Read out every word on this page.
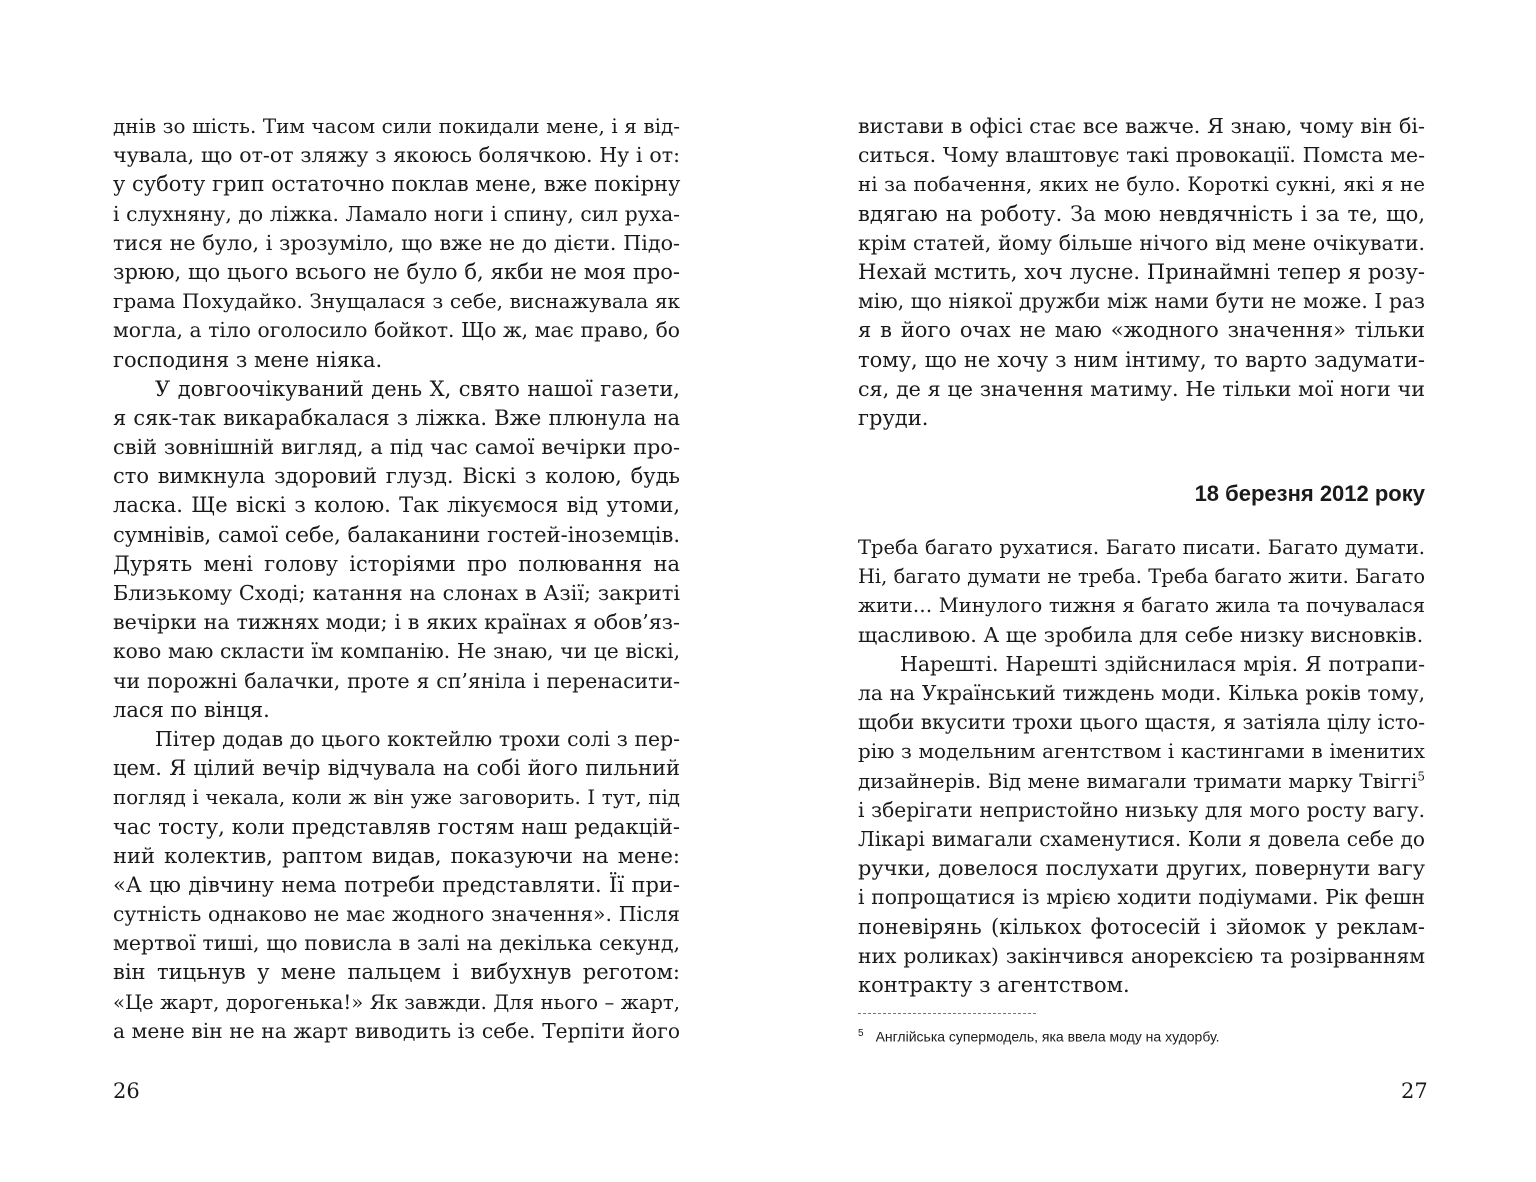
днів зо шість. Тим часом сили покидали мене, і я від-
чувала, що от-от зляжу з якоюсь болячкою. Ну і от:
у суботу грип остаточно поклав мене, вже покірну
і слухняну, до ліжка. Ламало ноги і спину, сил руха-
тися не було, і зрозуміло, що вже не до дієти. Підо-
зрюю, що цього всього не було б, якби не моя про-
грама Похудайко. Знущалася з себе, виснажувала як
могла, а тіло оголосило бойкот. Що ж, має право, бо
господиня з мене ніяка.
У довгоочікуваний день Х, свято нашої газети,
я сяк-так викарабкалася з ліжка. Вже плюнула на
свій зовнішній вигляд, а під час самої вечірки про-
сто вимкнула здоровий глузд. Віскі з колою, будь
ласка. Ще віскі з колою. Так лікуємося від утоми,
сумнівів, самої себе, балаканини гостей-іноземців.
Дурять мені голову історіями про полювання на
Близькому Сході; катання на слонах в Азії; закриті
вечірки на тижнях моди; і в яких країнах я обов’яз-
ково маю скласти їм компанію. Не знаю, чи це віскі,
чи порожні балачки, проте я сп’яніла і перенасити-
лася по вінця.
Пітер додав до цього коктейлю трохи солі з пер-
цем. Я цілий вечір відчувала на собі його пильний
погляд і чекала, коли ж він уже заговорить. І тут, під
час тосту, коли представляв гостям наш редакцій-
ний колектив, раптом видав, показуючи на мене:
«А цю дівчину нема потреби представляти. Її при-
сутність однаково не має жодного значення». Після
мертвої тиші, що повисла в залі на декілька секунд,
він тицьнув у мене пальцем і вибухнув реготом:
«Це жарт, дорогенька!» Як завжди. Для нього – жарт,
а мене він не на жарт виводить із себе. Терпіти його
26
вистави в офісі стає все важче. Я знаю, чому він бі-
ситься. Чому влаштовує такі провокації. Помста ме-
ні за побачення, яких не було. Короткі сукні, які я не
вдягаю на роботу. За мою невдячність і за те, що,
крім статей, йому більше нічого від мене очікувати.
Нехай мстить, хоч лусне. Принаймні тепер я розу-
мію, що ніякої дружби між нами бути не може. І раз
я в його очах не маю «жодного значення» тільки
тому, що не хочу з ним інтиму, то варто задумати-
ся, де я це значення матиму. Не тільки мої ноги чи
груди.
18 березня 2012 року
Треба багато рухатися. Багато писати. Багато думати.
Ні, багато думати не треба. Треба багато жити. Багато
жити… Минулого тижня я багато жила та почувалася
щасливою. А ще зробила для себе низку висновків.
Нарешті. Нарешті здійснилася мрія. Я потрапи-
ла на Український тиждень моди. Кілька років тому,
щоби вкусити трохи цього щастя, я затіяла цілу істо-
рію з модельним агентством і кастингами в іменитих
дизайнерів. Від мене вимагали тримати марку Твіггі$^5$
і зберігати непристойно низьку для мого росту вагу.
Лікарі вимагали схаменутися. Коли я довела себе до
ручки, довелося послухати других, повернути вагу
і попрощатися із мрією ходити подіумами. Рік фешн
поневірянь (кількох фотосесій і зйомок у реклам-
них роликах) закінчився анорексією та розірванням
контракту з агентством.
$^5$ Англійська супермодель, яка ввела моду на худорбу.
27
